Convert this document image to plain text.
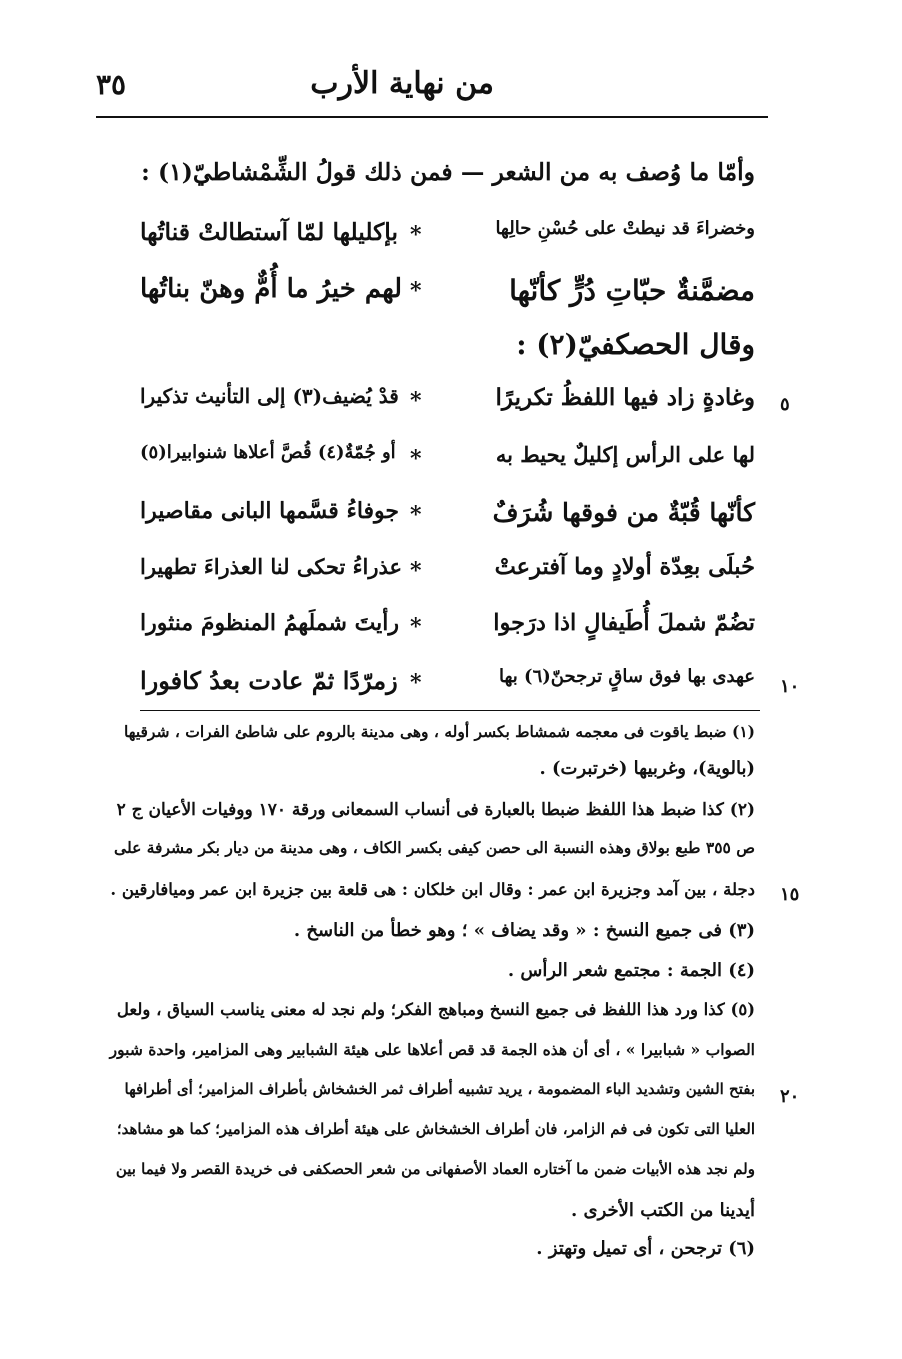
من نهاية الأرب
٣٥
وأمّا ما وُصف به من الشعر — فمن ذلك قولُ الشِّمْشاطيّ(١) :
وخضراءَ قد نيطتْ على حُسْنِ حالِها
*
بإكليلها لمّا آستطالتْ قناتُها
مضمَّنةٌ حبّاتِ دُرٍّ كأنّها
*
لهم خيرُ ما أُمٌّ وهنّ بناتُها
وقال الحصكفيّ(٢) :
وغادةٍ زاد فيها اللفظُ تكريرًا
*
قدْ يُضيف(٣) إلى التأنيث تذكيرا
لها على الرأس إكليلٌ يحيط به
*
أو جُمّةٌ(٤) قُصَّ أعلاها شنوابيرا(٥)
كأنّها قُبّةٌ من فوقها شُرَفٌ
*
جوفاءُ قسَّمها البانى مقاصيرا
حُبلَى بعِدّة أولادٍ وما آفترعتْ
*
عذراءُ تحكى لنا العذراءَ تطهيرا
تضُمّ شملَ أُطَيفالٍ اذا درَجوا
*
رأيتَ شملَهمُ المنظومَ منثورا
عهدى بها فوق ساقٍ ترجحنّ(٦) بها
*
زمرّدًا ثمّ عادت بعدُ كافورا
٥
١٠
١٥
٢٠
(١) ضبط ياقوت فى معجمه شمشاط بكسر أوله ، وهى مدينة بالروم على شاطئ الفرات ، شرقيها
(بالوية)، وغربيها (خرتبرت) .
(٢) كذا ضبط هذا اللفظ ضبطا بالعبارة فى أنساب السمعانى ورقة ١٧٠ ووفيات الأعيان ج ٢
ص ٣٥٥ طبع بولاق وهذه النسبة الى حصن كيفى بكسر الكاف ، وهى مدينة من ديار بكر مشرفة على
دجلة ، بين آمد وجزيرة ابن عمر : وقال ابن خلكان : هى قلعة بين جزيرة ابن عمر وميافارقين .
(٣) فى جميع النسخ : « وقد يضاف » ؛ وهو خطأ من الناسخ .
(٤) الجمة : مجتمع شعر الرأس .
(٥) كذا ورد هذا اللفظ فى جميع النسخ ومباهج الفكر؛ ولم نجد له معنى يناسب السياق ، ولعل
الصواب « شبابيرا » ، أى أن هذه الجمة قد قص أعلاها على هيئة الشبابير وهى المزامير، واحدة شبور
بفتح الشين وتشديد الباء المضمومة ، يريد تشبيه أطراف ثمر الخشخاش بأطراف المزامير؛ أى أطرافها
العليا التى تكون فى فم الزامر، فان أطراف الخشخاش على هيئة أطراف هذه المزامير؛ كما هو مشاهد؛
ولم نجد هذه الأبيات ضمن ما آختاره العماد الأصفهانى من شعر الحصكفى فى خريدة القصر ولا فيما بين
أيدينا من الكتب الأخرى .
(٦) ترجحن ، أى تميل وتهتز .
